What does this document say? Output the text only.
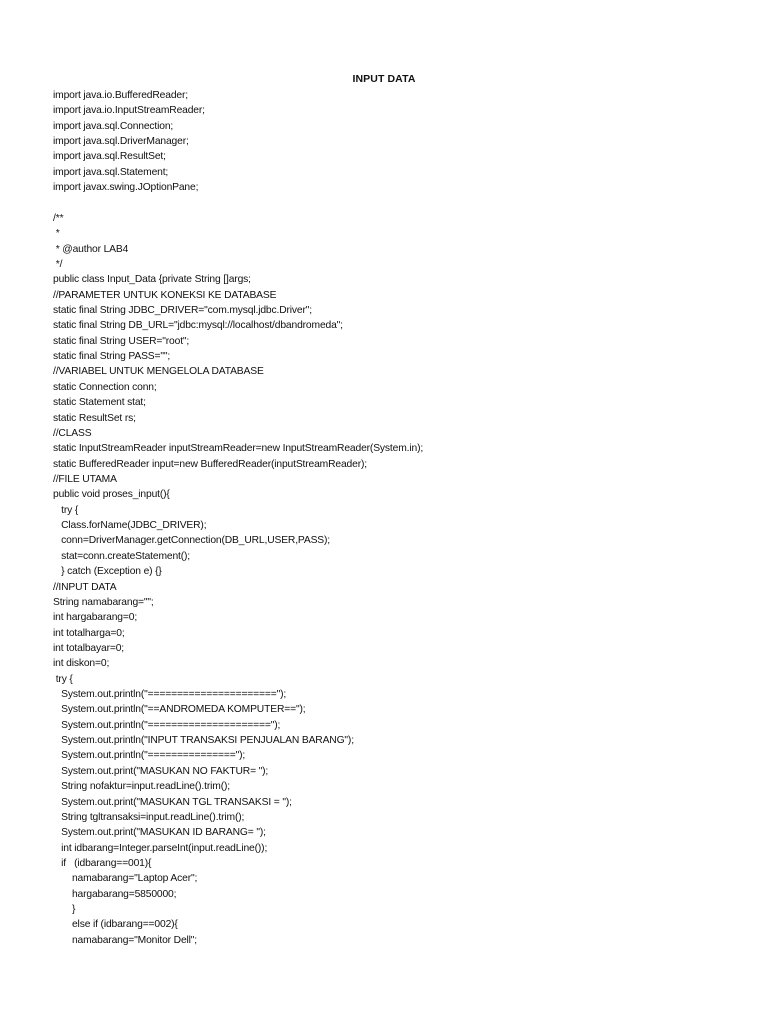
INPUT DATA
import java.io.BufferedReader;
import java.io.InputStreamReader;
import java.sql.Connection;
import java.sql.DriverManager;
import java.sql.ResultSet;
import java.sql.Statement;
import javax.swing.JOptionPane;
/**
*
* @author LAB4
*/
public class Input_Data {private String []args;
//PARAMETER UNTUK KONEKSI KE DATABASE
static final String JDBC_DRIVER="com.mysql.jdbc.Driver";
static final String DB_URL="jdbc:mysql://localhost/dbandromeda";
static final String USER="root";
static final String PASS="";
//VARIABEL UNTUK MENGELOLA DATABASE
static Connection conn;
static Statement stat;
static ResultSet rs;
//CLASS
static InputStreamReader inputStreamReader=new InputStreamReader(System.in);
static BufferedReader input=new BufferedReader(inputStreamReader);
//FILE UTAMA
public void proses_input(){
try {
Class.forName(JDBC_DRIVER);
conn=DriverManager.getConnection(DB_URL,USER,PASS);
stat=conn.createStatement();
} catch (Exception e) {}
//INPUT DATA
String namabarang="";
int hargabarang=0;
int totalharga=0;
int totalbayar=0;
int diskon=0;
try {
System.out.println("======================");
System.out.println("==ANDROMEDA KOMPUTER==");
System.out.println("=====================");
System.out.println("INPUT TRANSAKSI PENJUALAN BARANG");
System.out.println("===============");
System.out.print("MASUKAN NO FAKTUR= ");
String nofaktur=input.readLine().trim();
System.out.print("MASUKAN TGL TRANSAKSI = ");
String tgltransaksi=input.readLine().trim();
System.out.print("MASUKAN ID BARANG= ");
int idbarang=Integer.parseInt(input.readLine());
if   (idbarang==001){
namabarang="Laptop Acer";
hargabarang=5850000;
}
else if (idbarang==002){
namabarang="Monitor Dell";
